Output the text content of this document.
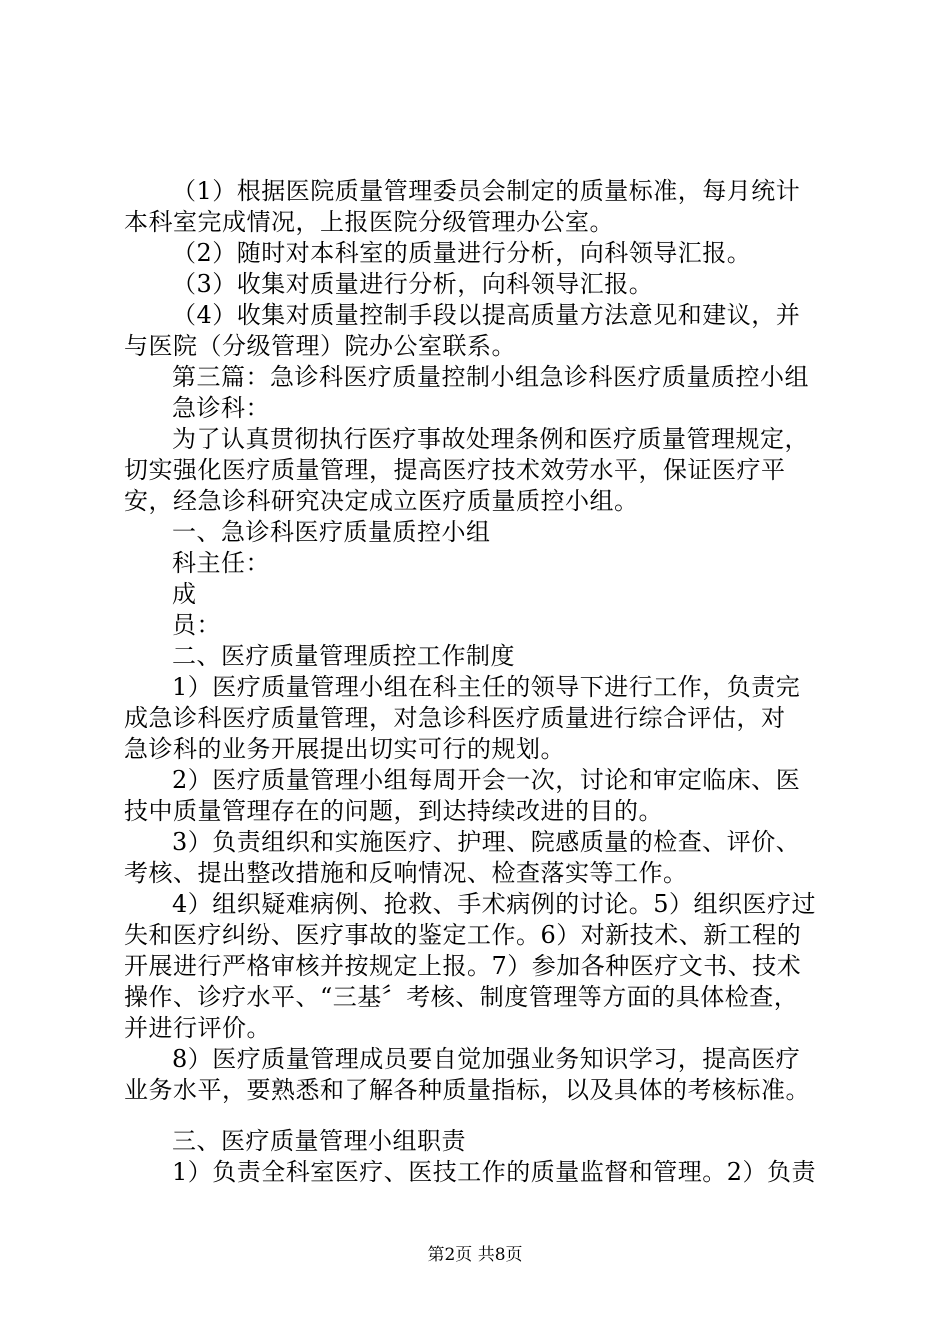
（1）根据医院质量管理委员会制定的质量标准，每月统计
本科室完成情况，上报医院分级管理办公室。

（2）随时对本科室的质量进行分析，向科领导汇报。

（3）收集对质量进行分析，向科领导汇报。

（4）收集对质量控制手段以提高质量方法意见和建议，并
与医院（分级管理）院办公室联系。

第三篇：急诊科医疗质量控制小组急诊科医疗质量质控小组

急诊科：

为了认真贯彻执行医疗事故处理条例和医疗质量管理规定，
切实强化医疗质量管理，提高医疗技术效劳水平，保证医疗平
安，经急诊科研究决定成立医疗质量质控小组。

一、急诊科医疗质量质控小组

科主任：

成

员：

二、医疗质量管理质控工作制度

1）医疗质量管理小组在科主任的领导下进行工作，负责完
成急诊科医疗质量管理，对急诊科医疗质量进行综合评估，对
急诊科的业务开展提出切实可行的规划。

2）医疗质量管理小组每周开会一次，讨论和审定临床、医
技中质量管理存在的问题，到达持续改进的目的。

3）负责组织和实施医疗、护理、院感质量的检查、评价、
考核、提出整改措施和反响情况、检查落实等工作。

4）组织疑难病例、抢救、手术病例的讨论。5）组织医疗过
失和医疗纠纷、医疗事故的鉴定工作。6）对新技术、新工程的
开展进行严格审核并按规定上报。7）参加各种医疗文书、技术
操作、诊疗水平、“三基〞考核、制度管理等方面的具体检查，
并进行评价。

8）医疗质量管理成员要自觉加强业务知识学习，提高医疗
业务水平，要熟悉和了解各种质量指标，以及具体的考核标准。

三、医疗质量管理小组职责

1）负责全科室医疗、医技工作的质量监督和管理。2）负责

第2页 共8页
